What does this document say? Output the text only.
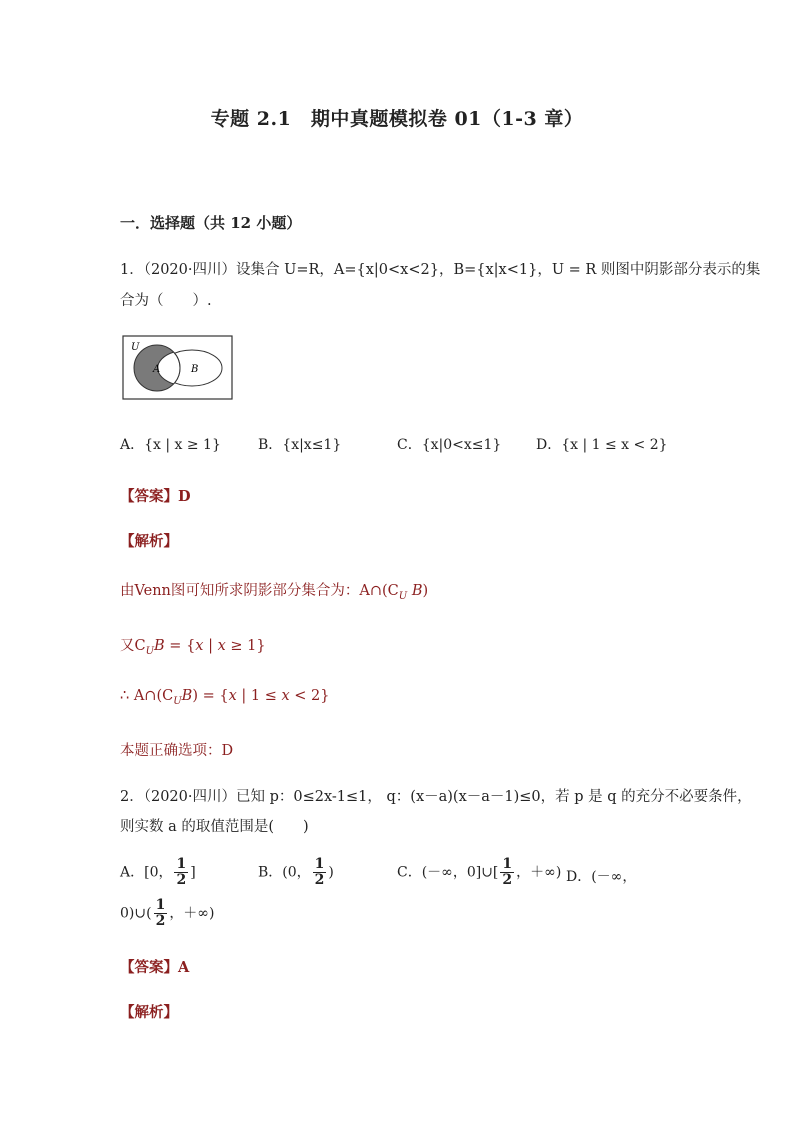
专题 2.1　期中真题模拟卷 01（1-3 章）
一．选择题（共 12 小题）
1．（2020·四川）设集合 U=R，A={x|0<x<2}，B={x|x<1}，U = R 则图中阴影部分表示的集
合为（　　）.
U
A	B
A．{x | x ≥ 1}	B．{x|x≤1}	C．{x|0<x≤1} D．{x | 1 ≤ x < 2}
【答案】D
【解析】
由Venn图可知所求阴影部分集合为：$A\cap(C_U$ B)
又$C_UB = \{x$ | x ≥ 1}
∴ $A\cap(C_UB) = \{x$ | 1 ≤ x < 2}
本题正确选项：D
2．（2020·四川）已知 p：0≤2x-1≤1， q：(x－a)(x－a－1)≤0，若 p 是 q 的充分不必要条件，
则实数 a 的取值范围是(　　)
A．[0， $\frac{1}{2}$ ]	B．(0， $\frac{1}{2}$ )	C．(－∞，0]∪[ $\frac{1}{2}$ ，＋∞) D．(－∞，
0)∪( $\frac{1}{2}$ ，＋∞)
【答案】A
【解析】
